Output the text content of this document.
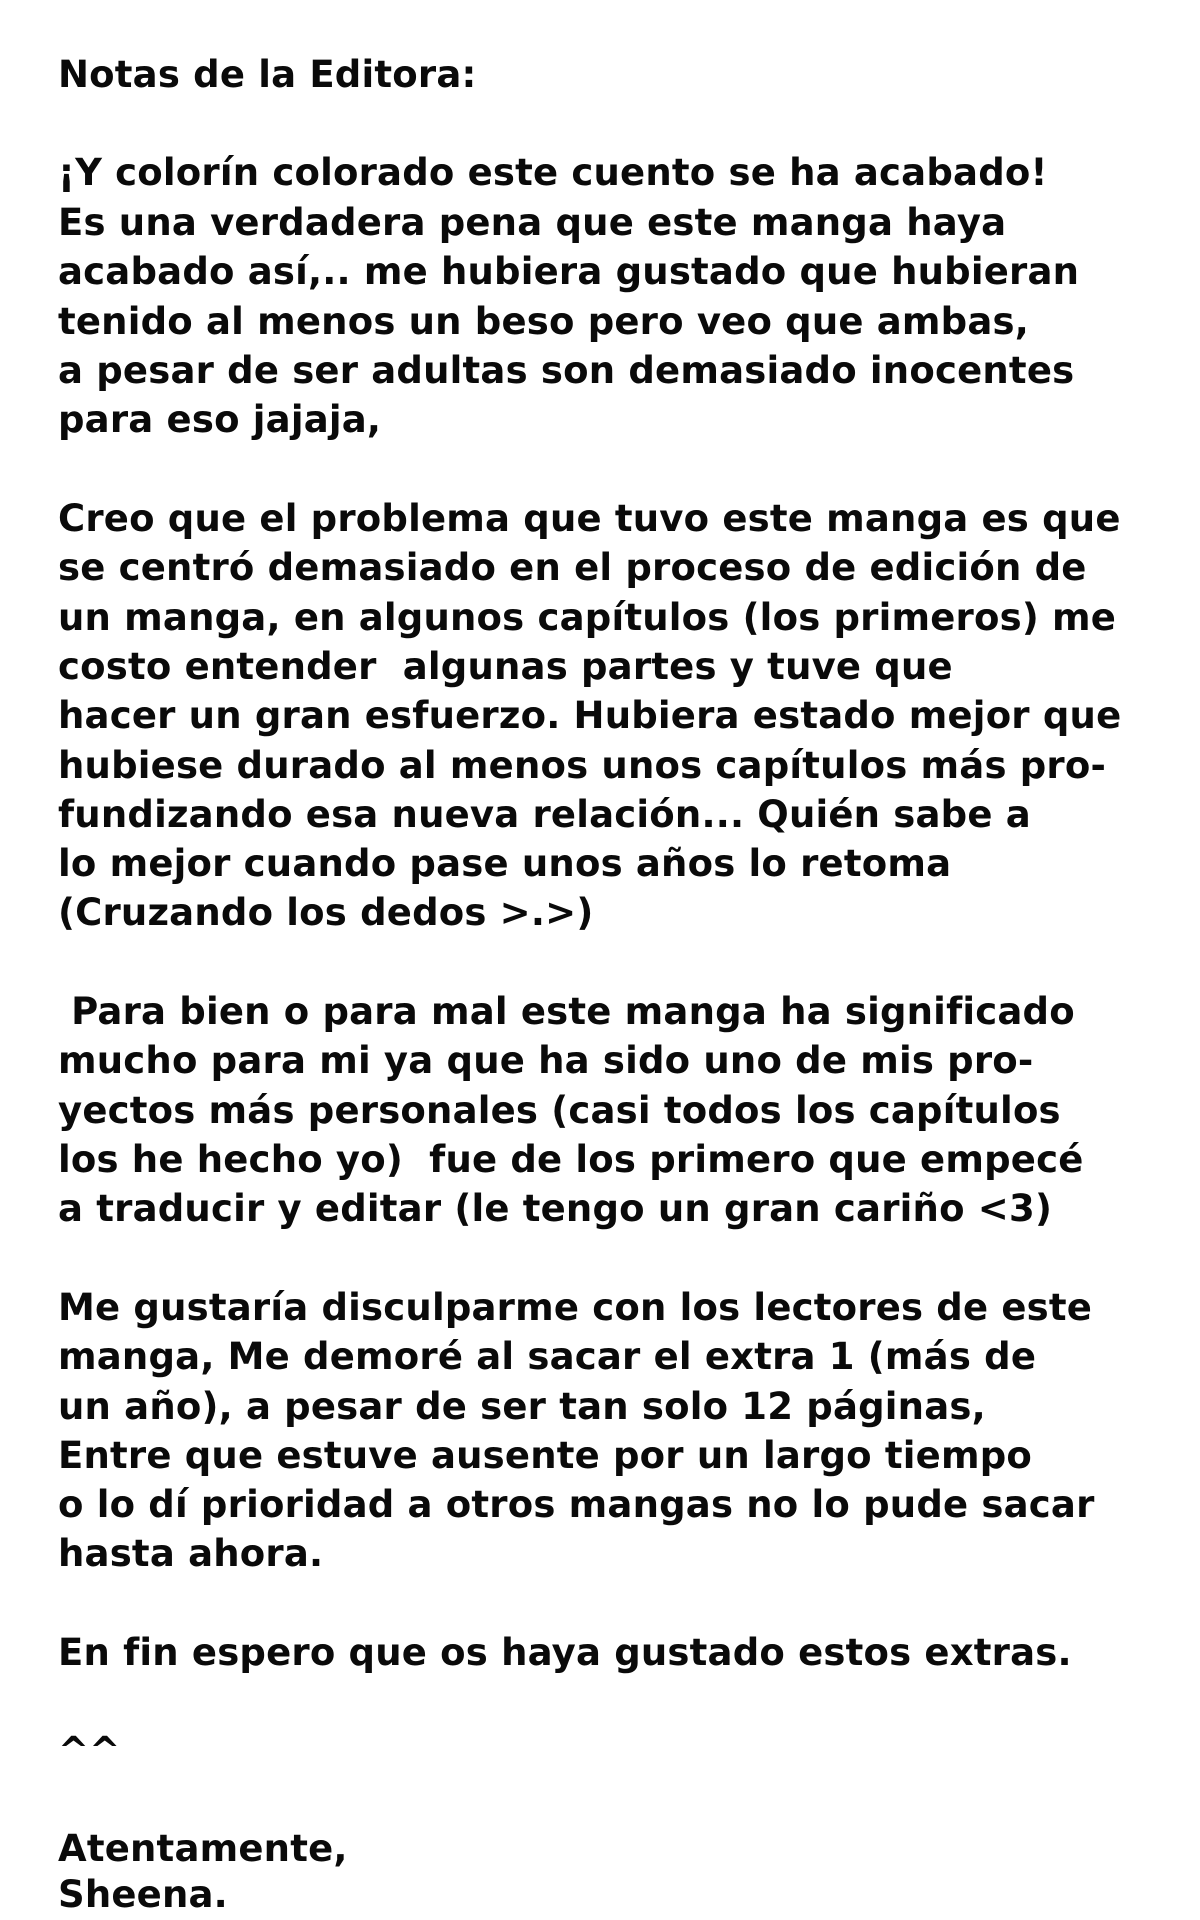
Notas de la Editora:

¡Y colorín colorado este cuento se ha acabado!

Es una verdadera pena que este manga haya

acabado así,.. me hubiera gustado que hubieran

tenido al menos un beso pero veo que ambas,

a pesar de ser adultas son demasiado inocentes

para eso jajaja,

Creo que el problema que tuvo este manga es que

se centró demasiado en el proceso de edición de

un manga, en algunos capítulos (los primeros) me

costo entender  algunas partes y tuve que

hacer un gran esfuerzo. Hubiera estado mejor que

hubiese durado al menos unos capítulos más pro-

fundizando esa nueva relación... Quién sabe a

lo mejor cuando pase unos años lo retoma

(Cruzando los dedos >.>)

Para bien o para mal este manga ha significado

mucho para mi ya que ha sido uno de mis pro-

yectos más personales (casi todos los capítulos

los he hecho yo)  fue de los primero que empecé

a traducir y editar (le tengo un gran cariño <3)

Me gustaría disculparme con los lectores de este

manga, Me demoré al sacar el extra 1 (más de

un año), a pesar de ser tan solo 12 páginas,

Entre que estuve ausente por un largo tiempo

o lo dí prioridad a otros mangas no lo pude sacar

hasta ahora.

En fin espero que os haya gustado estos extras.

^^

Atentamente,

Sheena.
